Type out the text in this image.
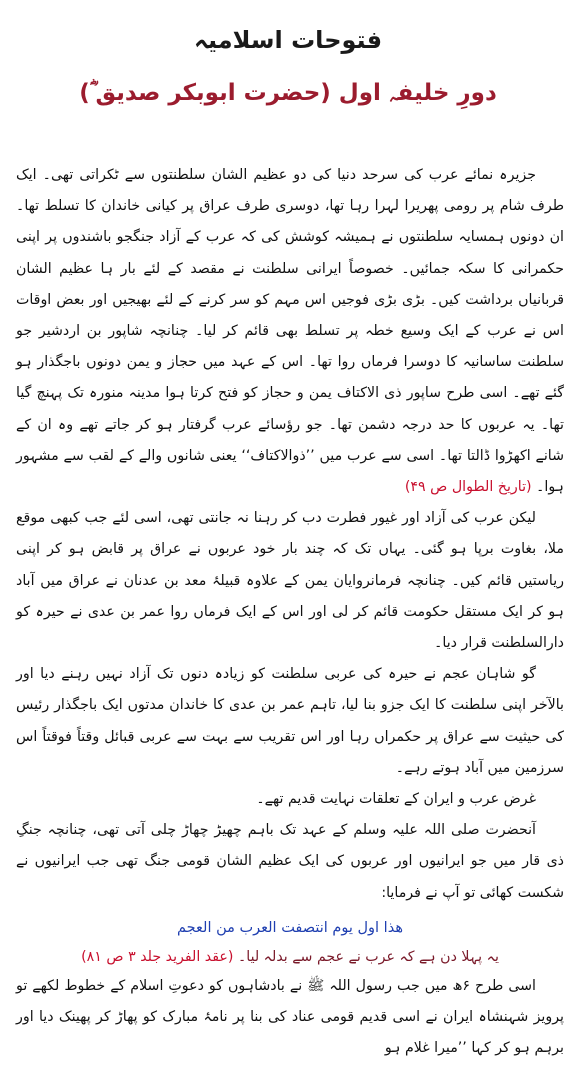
فتوحات اسلامیہ
دورِ خلیفہ اول (حضرت ابوبکر صدیق ؓ)

جزیرہ نمائے عرب کی سرحد دنیا کی دو عظیم الشان سلطنتوں سے ٹکراتی تھی۔ ایک طرف شام پر رومی پھریرا لہرا رہا تھا، دوسری طرف عراق پر کیانی خاندان کا تسلط تھا۔ ان دونوں ہمسایہ سلطنتوں نے ہمیشہ کوشش کی کہ عرب کے آزاد جنگجو باشندوں پر اپنی حکمرانی کا سکہ جمائیں۔ خصوصاً ایرانی سلطنت نے مقصد کے لئے بار ہا عظیم الشان قربانیاں برداشت کیں۔ بڑی بڑی فوجیں اس مہم کو سر کرنے کے لئے بھیجیں اور بعض اوقات اس نے عرب کے ایک وسیع خطہ پر تسلط بھی قائم کر لیا۔ چنانچہ شاپور بن اردشیر جو سلطنت ساسانیہ کا دوسرا فرماں روا تھا۔ اس کے عہد میں حجاز و یمن دونوں باجگذار ہو گئے تھے۔ اسی طرح ساپور ذی الاکتاف یمن و حجاز کو فتح کرتا ہوا مدینہ منورہ تک پہنچ گیا تھا۔ یہ عربوں کا حد درجہ دشمن تھا۔ جو رؤسائے عرب گرفتار ہو کر جاتے تھے وہ ان کے شانے اکھڑوا ڈالتا تھا۔ اسی سے عرب میں ’’ذوالاکتاف‘‘ یعنی شانوں والے کے لقب سے مشہور ہوا۔ (تاریخ الطوال ص ۴۹)

لیکن عرب کی آزاد اور غیور فطرت دب کر رہنا نہ جانتی تھی، اسی لئے جب کبھی موقع ملا، بغاوت برپا ہو گئی۔ یہاں تک کہ چند بار خود عربوں نے عراق پر قابض ہو کر اپنی ریاستیں قائم کیں۔ چنانچہ فرمانروایان یمن کے علاوہ قبیلۂ معد بن عدنان نے عراق میں آباد ہو کر ایک مستقل حکومت قائم کر لی اور اس کے ایک فرماں روا عمر بن عدی نے حیرہ کو دارالسلطنت قرار دیا۔

گو شاہان عجم نے حیرہ کی عربی سلطنت کو زیادہ دنوں تک آزاد نہیں رہنے دیا اور بالآخر اپنی سلطنت کا ایک جزو بنا لیا، تاہم عمر بن عدی کا خاندان مدتوں ایک باجگذار رئیس کی حیثیت سے عراق پر حکمراں رہا اور اس تقریب سے بہت سے عربی قبائل وقتاً فوقتاً اس سرزمین میں آباد ہوتے رہے۔

غرض عرب و ایران کے تعلقات نہایت قدیم تھے۔

آنحضرت صلی اللہ علیہ وسلم کے عہد تک باہم چھیڑ چھاڑ چلی آتی تھی، چنانچہ جنگِ ذی قار میں جو ایرانیوں اور عربوں کی ایک عظیم الشان قومی جنگ تھی جب ایرانیوں نے شکست کھائی تو آپ نے فرمایا:

هذا اول يوم انتصفت العرب من العجم

یہ پہلا دن ہے کہ عرب نے عجم سے بدلہ لیا۔ (عقد الفرید جلد ۳ ص ۸۱)

اسی طرح ۶ھ میں جب رسول اللہ ﷺ نے بادشاہوں کو دعوتِ اسلام کے خطوط لکھے تو پرویز شہنشاہ ایران نے اسی قدیم قومی عناد کی بنا پر نامۂ مبارک کو پھاڑ کر پھینک دیا اور برہم ہو کر کہا ’’میرا غلام ہو
